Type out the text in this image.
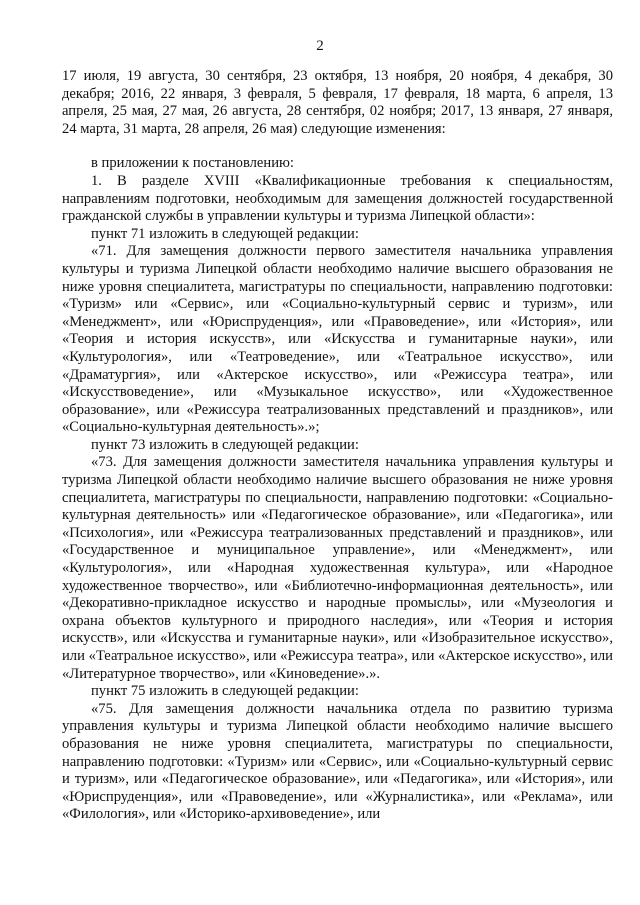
2

17 июля, 19 августа, 30 сентября, 23 октября, 13 ноября, 20 ноября, 4 декабря, 30 декабря; 2016, 22 января, 3 февраля, 5 февраля, 17 февраля, 18 марта, 6 апреля, 13 апреля, 25 мая, 27 мая, 26 августа, 28 сентября, 02 ноября; 2017, 13 января, 27 января, 24 марта, 31 марта, 28 апреля, 26 мая) следующие изменения:

в приложении к постановлению:

1. В разделе XVIII «Квалификационные требования к специальностям, направлениям подготовки, необходимым для замещения должностей государственной гражданской службы в управлении культуры и туризма Липецкой области»:

пункт 71 изложить в следующей редакции:

«71. Для замещения должности первого заместителя начальника управления культуры и туризма Липецкой области необходимо наличие высшего образования не ниже уровня специалитета, магистратуры по специальности, направлению подготовки: «Туризм» или «Сервис», или «Социально-культурный сервис и туризм», или «Менеджмент», или «Юриспруденция», или «Правоведение», или «История», или «Теория и история искусств», или «Искусства и гуманитарные науки», или «Культурология», или «Театроведение», или «Театральное искусство», или «Драматургия», или «Актерское искусство», или «Режиссура театра», или «Искусствоведение», или «Музыкальное искусство», или «Художественное образование», или «Режиссура театрализованных представлений и праздников», или «Социально-культурная деятельность».»;

пункт 73 изложить в следующей редакции:

«73. Для замещения должности заместителя начальника управления культуры и туризма Липецкой области необходимо наличие высшего образования не ниже уровня специалитета, магистратуры по специальности, направлению подготовки: «Социально-культурная деятельность» или «Педагогическое образование», или «Педагогика», или «Психология», или «Режиссура театрализованных представлений и праздников», или «Государственное и муниципальное управление», или «Менеджмент», или «Культурология», или «Народная художественная культура», или «Народное художественное творчество», или «Библиотечно-информационная деятельность», или «Декоративно-прикладное искусство и народные промыслы», или «Музеология и охрана объектов культурного и природного наследия», или «Теория и история искусств», или «Искусства и гуманитарные науки», или «Изобразительное искусство», или «Театральное искусство», или «Режиссура театра», или «Актерское искусство», или «Литературное творчество», или «Киноведение».».

пункт 75 изложить в следующей редакции:

«75. Для замещения должности начальника отдела по развитию туризма управления культуры и туризма Липецкой области необходимо наличие высшего образования не ниже уровня специалитета, магистратуры по специальности, направлению подготовки: «Туризм» или «Сервис», или «Социально-культурный сервис и туризм», или «Педагогическое образование», или «Педагогика», или «История», или «Юриспруденция», или «Правоведение», или «Журналистика», или «Реклама», или «Филология», или «Историко-архивоведение», или
